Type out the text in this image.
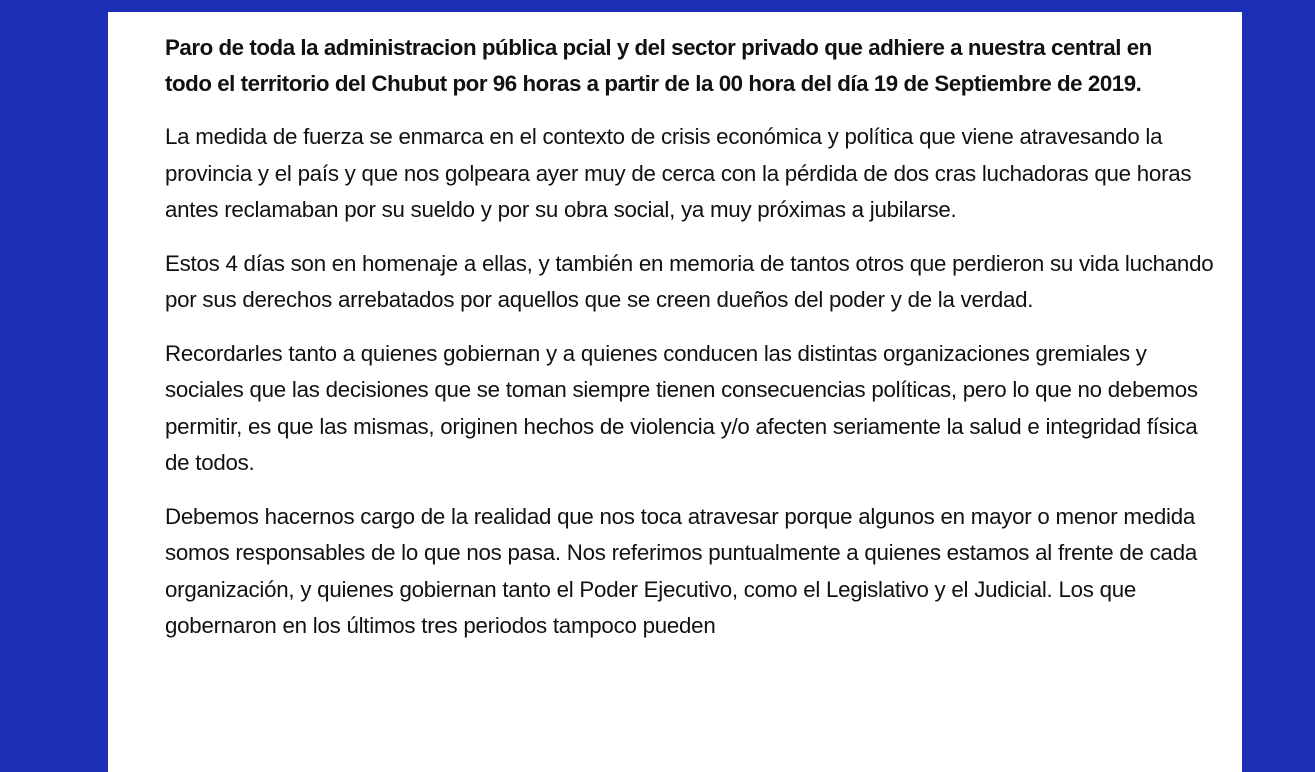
Paro de toda la administracion pública pcial y del sector privado que adhiere a nuestra central en todo el territorio del Chubut por 96 horas a partir de la 00 hora del día 19 de Septiembre de 2019.

La medida de fuerza se enmarca en el contexto de crisis económica y política que viene atravesando la provincia y el país y que nos golpeara ayer muy de cerca con la pérdida de dos cras luchadoras que horas antes reclamaban por su sueldo y por su obra social, ya muy próximas a jubilarse.

Estos 4 días son en homenaje a ellas, y también en memoria de tantos otros que perdieron su vida luchando por sus derechos arrebatados por aquellos que se creen dueños del poder y de la verdad.

Recordarles tanto a quienes gobiernan y a quienes conducen las distintas organizaciones gremiales y sociales que las decisiones que se toman siempre tienen consecuencias políticas, pero lo que no debemos permitir, es que las mismas, originen hechos de violencia y/o afecten seriamente la salud e integridad física de todos.

Debemos hacernos cargo de la realidad que nos toca atravesar porque algunos en mayor o menor medida somos responsables de lo que nos pasa. Nos referimos puntualmente a quienes estamos al frente de cada organización, y quienes gobiernan tanto el Poder Ejecutivo, como el Legislativo y el Judicial. Los que gobernaron en los últimos tres periodos tampoco pueden
